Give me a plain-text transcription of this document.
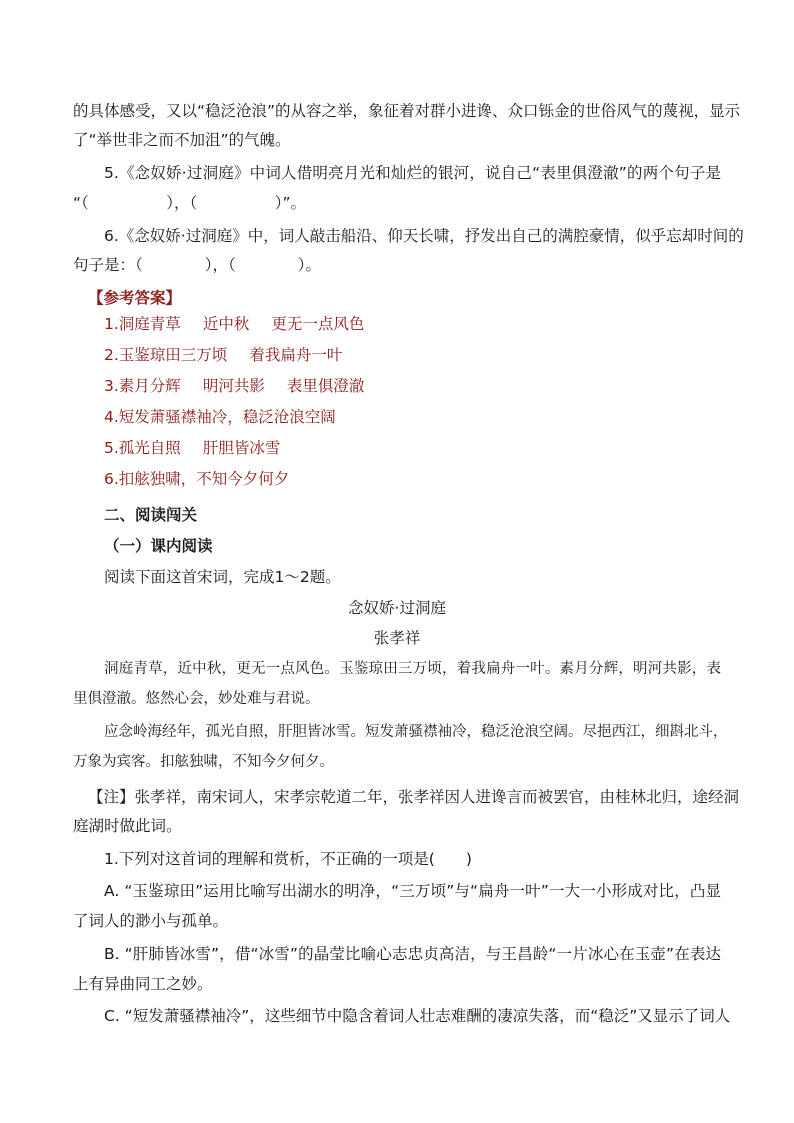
的具体感受，又以“稳泛沧浪”的从容之举，象征着对群小进谗、众口铄金的世俗风气的蔑视，显示
了“举世非之而不加沮”的气魄。
5.《念奴娇·过洞庭》中词人借明亮月光和灿烂的银河，说自己“表里俱澄澈”的两个句子是
“（　　　　　），（　　　　　）”。
6.《念奴娇·过洞庭》中，词人敲击船沿、仰天长啸，抒发出自己的满腔豪情，似乎忘却时间的
句子是：（　　　　），（　　　　）。
【参考答案】
1.洞庭青草 近中秋 更无一点风色
2.玉鉴琼田三万顷 着我扁舟一叶
3.素月分辉 明河共影 表里俱澄澈
4.短发萧骚襟袖冷，稳泛沧浪空阔
5.孤光自照 肝胆皆冰雪
6.扣舷独啸，不知今夕何夕
二、阅读闯关
（一）课内阅读
阅读下面这首宋词，完成1～2题。
念奴娇·过洞庭
张孝祥
洞庭青草，近中秋，更无一点风色。玉鉴琼田三万顷，着我扁舟一叶。素月分辉，明河共影，表
里俱澄澈。悠然心会，妙处难与君说。
应念岭海经年，孤光自照，肝胆皆冰雪。短发萧骚襟袖冷，稳泛沧浪空阔。尽挹西江，细斟北斗，
万象为宾客。扣舷独啸，不知今夕何夕。
【注】张孝祥，南宋词人，宋孝宗乾道二年，张孝祥因人进谗言而被罢官，由桂林北归，途经洞
庭湖时做此词。
1.下列对这首词的理解和赏析，不正确的一项是(　　)
A. “玉鉴琼田”运用比喻写出湖水的明净，“三万顷”与“扁舟一叶”一大一小形成对比，凸显
了词人的渺小与孤单。
B. “肝肺皆冰雪”，借“冰雪”的晶莹比喻心志忠贞高洁，与王昌龄“一片冰心在玉壶”在表达
上有异曲同工之妙。
C. “短发萧骚襟袖冷”，这些细节中隐含着词人壮志难酬的凄凉失落，而“稳泛”又显示了词人
